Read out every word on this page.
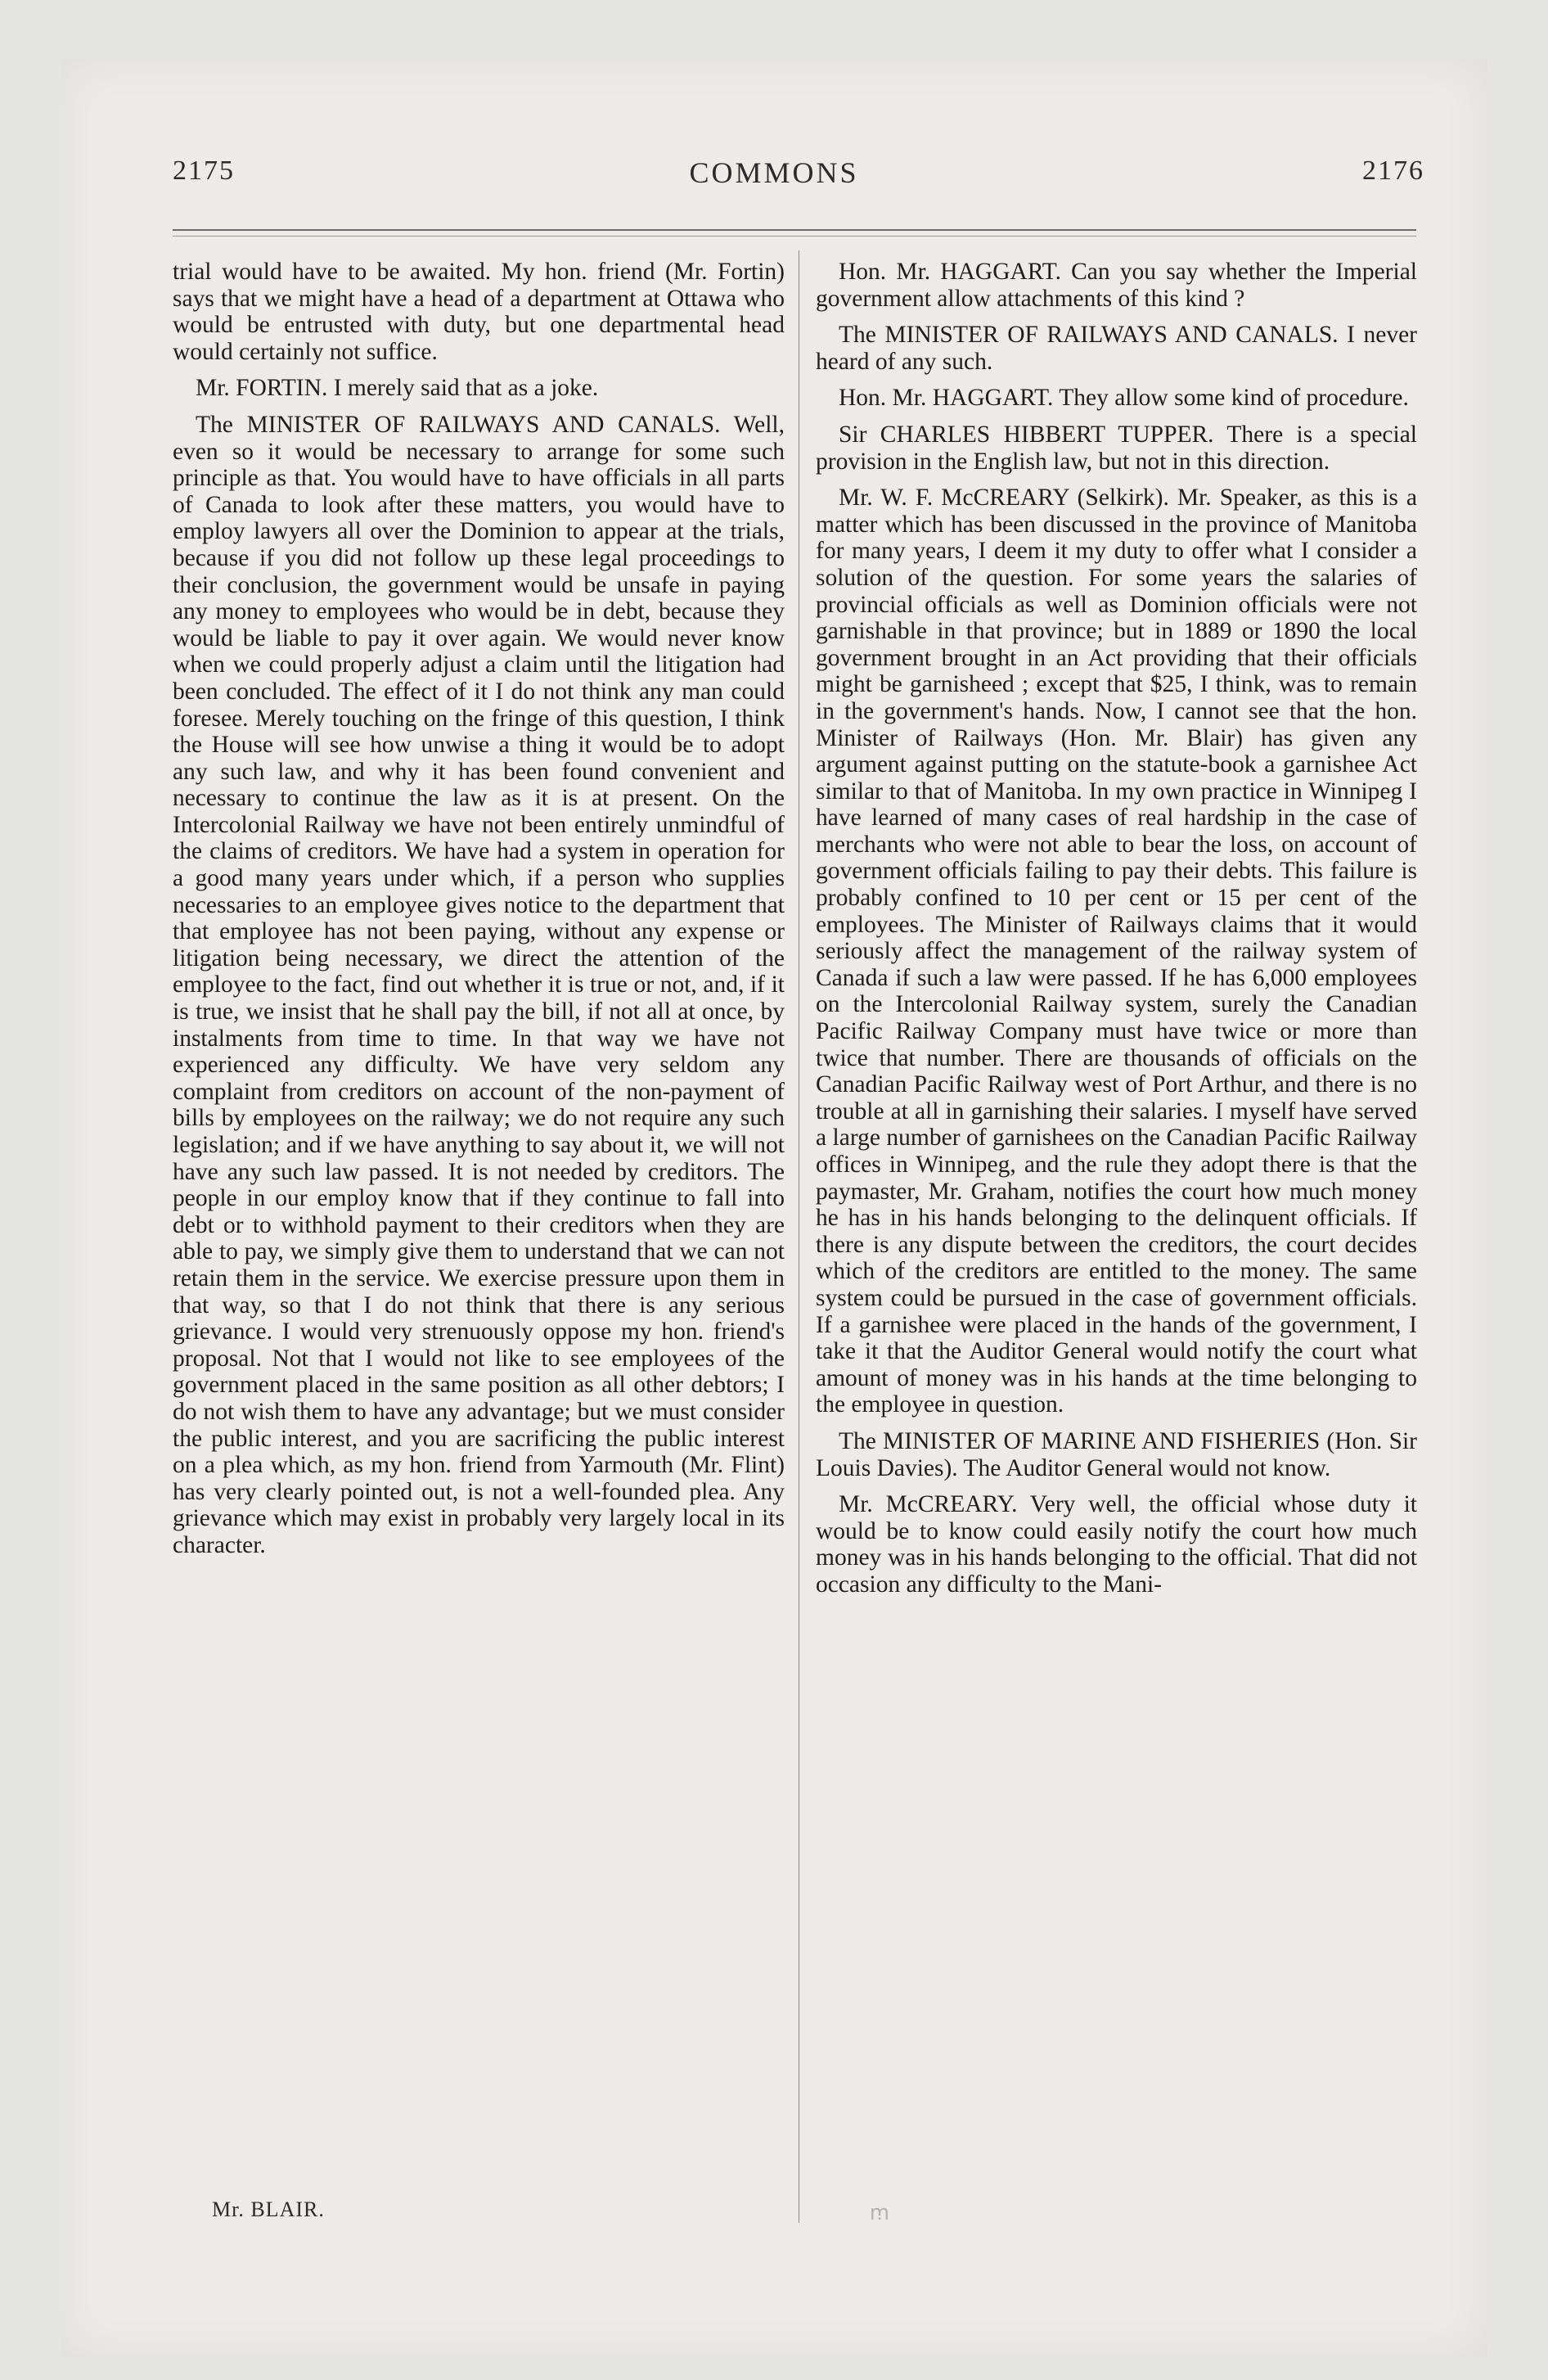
2175	COMMONS	2176

trial would have to be awaited. My hon. friend (Mr. Fortin) says that we might have a head of a department at Ottawa who would be entrusted with duty, but one departmental head would certainly not suffice.

Mr. FORTIN. I merely said that as a joke.

The MINISTER OF RAILWAYS AND CANALS. Well, even so it would be necessary to arrange for some such principle as that. You would have to have officials in all parts of Canada to look after these matters, you would have to employ lawyers all over the Dominion to appear at the trials, because if you did not follow up these legal proceedings to their conclusion, the government would be unsafe in paying any money to employees who would be in debt, because they would be liable to pay it over again. We would never know when we could properly adjust a claim until the litigation had been concluded. The effect of it I do not think any man could foresee. Merely touching on the fringe of this question, I think the House will see how unwise a thing it would be to adopt any such law, and why it has been found convenient and necessary to continue the law as it is at present. On the Intercolonial Railway we have not been entirely unmindful of the claims of creditors. We have had a system in operation for a good many years under which, if a person who supplies necessaries to an employee gives notice to the department that that employee has not been paying, without any expense or litigation being necessary, we direct the attention of the employee to the fact, find out whether it is true or not, and, if it is true, we insist that he shall pay the bill, if not all at once, by instalments from time to time. In that way we have not experienced any difficulty. We have very seldom any complaint from creditors on account of the non-payment of bills by employees on the railway; we do not require any such legislation; and if we have anything to say about it, we will not have any such law passed. It is not needed by creditors. The people in our employ know that if they continue to fall into debt or to withhold payment to their creditors when they are able to pay, we simply give them to understand that we can not retain them in the service. We exercise pressure upon them in that way, so that I do not think that there is any serious grievance. I would very strenuously oppose my hon. friend's proposal. Not that I would not like to see employees of the government placed in the same position as all other debtors; I do not wish them to have any advantage; but we must consider the public interest, and you are sacrificing the public interest on a plea which, as my hon. friend from Yarmouth (Mr. Flint) has very clearly pointed out, is not a well-founded plea. Any grievance which may exist in probably very largely local in its character.

Hon. Mr. HAGGART. Can you say whether the Imperial government allow attachments of this kind ?

The MINISTER OF RAILWAYS AND CANALS. I never heard of any such.

Hon. Mr. HAGGART. They allow some kind of procedure.

Sir CHARLES HIBBERT TUPPER. There is a special provision in the English law, but not in this direction.

Mr. W. F. McCREARY (Selkirk). Mr. Speaker, as this is a matter which has been discussed in the province of Manitoba for many years, I deem it my duty to offer what I consider a solution of the question. For some years the salaries of provincial officials as well as Dominion officials were not garnishable in that province; but in 1889 or 1890 the local government brought in an Act providing that their officials might be garnisheed ; except that $25, I think, was to remain in the government's hands. Now, I cannot see that the hon. Minister of Railways (Hon. Mr. Blair) has given any argument against putting on the statute-book a garnishee Act similar to that of Manitoba. In my own practice in Winnipeg I have learned of many cases of real hardship in the case of merchants who were not able to bear the loss, on account of government officials failing to pay their debts. This failure is probably confined to 10 per cent or 15 per cent of the employees. The Minister of Railways claims that it would seriously affect the management of the railway system of Canada if such a law were passed. If he has 6,000 employees on the Intercolonial Railway system, surely the Canadian Pacific Railway Company must have twice or more than twice that number. There are thousands of officials on the Canadian Pacific Railway west of Port Arthur, and there is no trouble at all in garnishing their salaries. I myself have served a large number of garnishees on the Canadian Pacific Railway offices in Winnipeg, and the rule they adopt there is that the paymaster, Mr. Graham, notifies the court how much money he has in his hands belonging to the delinquent officials. If there is any dispute between the creditors, the court decides which of the creditors are entitled to the money. The same system could be pursued in the case of government officials. If a garnishee were placed in the hands of the government, I take it that the Auditor General would notify the court what amount of money was in his hands at the time belonging to the employee in question.

The MINISTER OF MARINE AND FISHERIES (Hon. Sir Louis Davies). The Auditor General would not know.

Mr. McCREARY. Very well, the official whose duty it would be to know could easily notify the court how much money was in his hands belonging to the official. That did not occasion any difficulty to the Mani-

Mr. BLAIR.	ꭑ
